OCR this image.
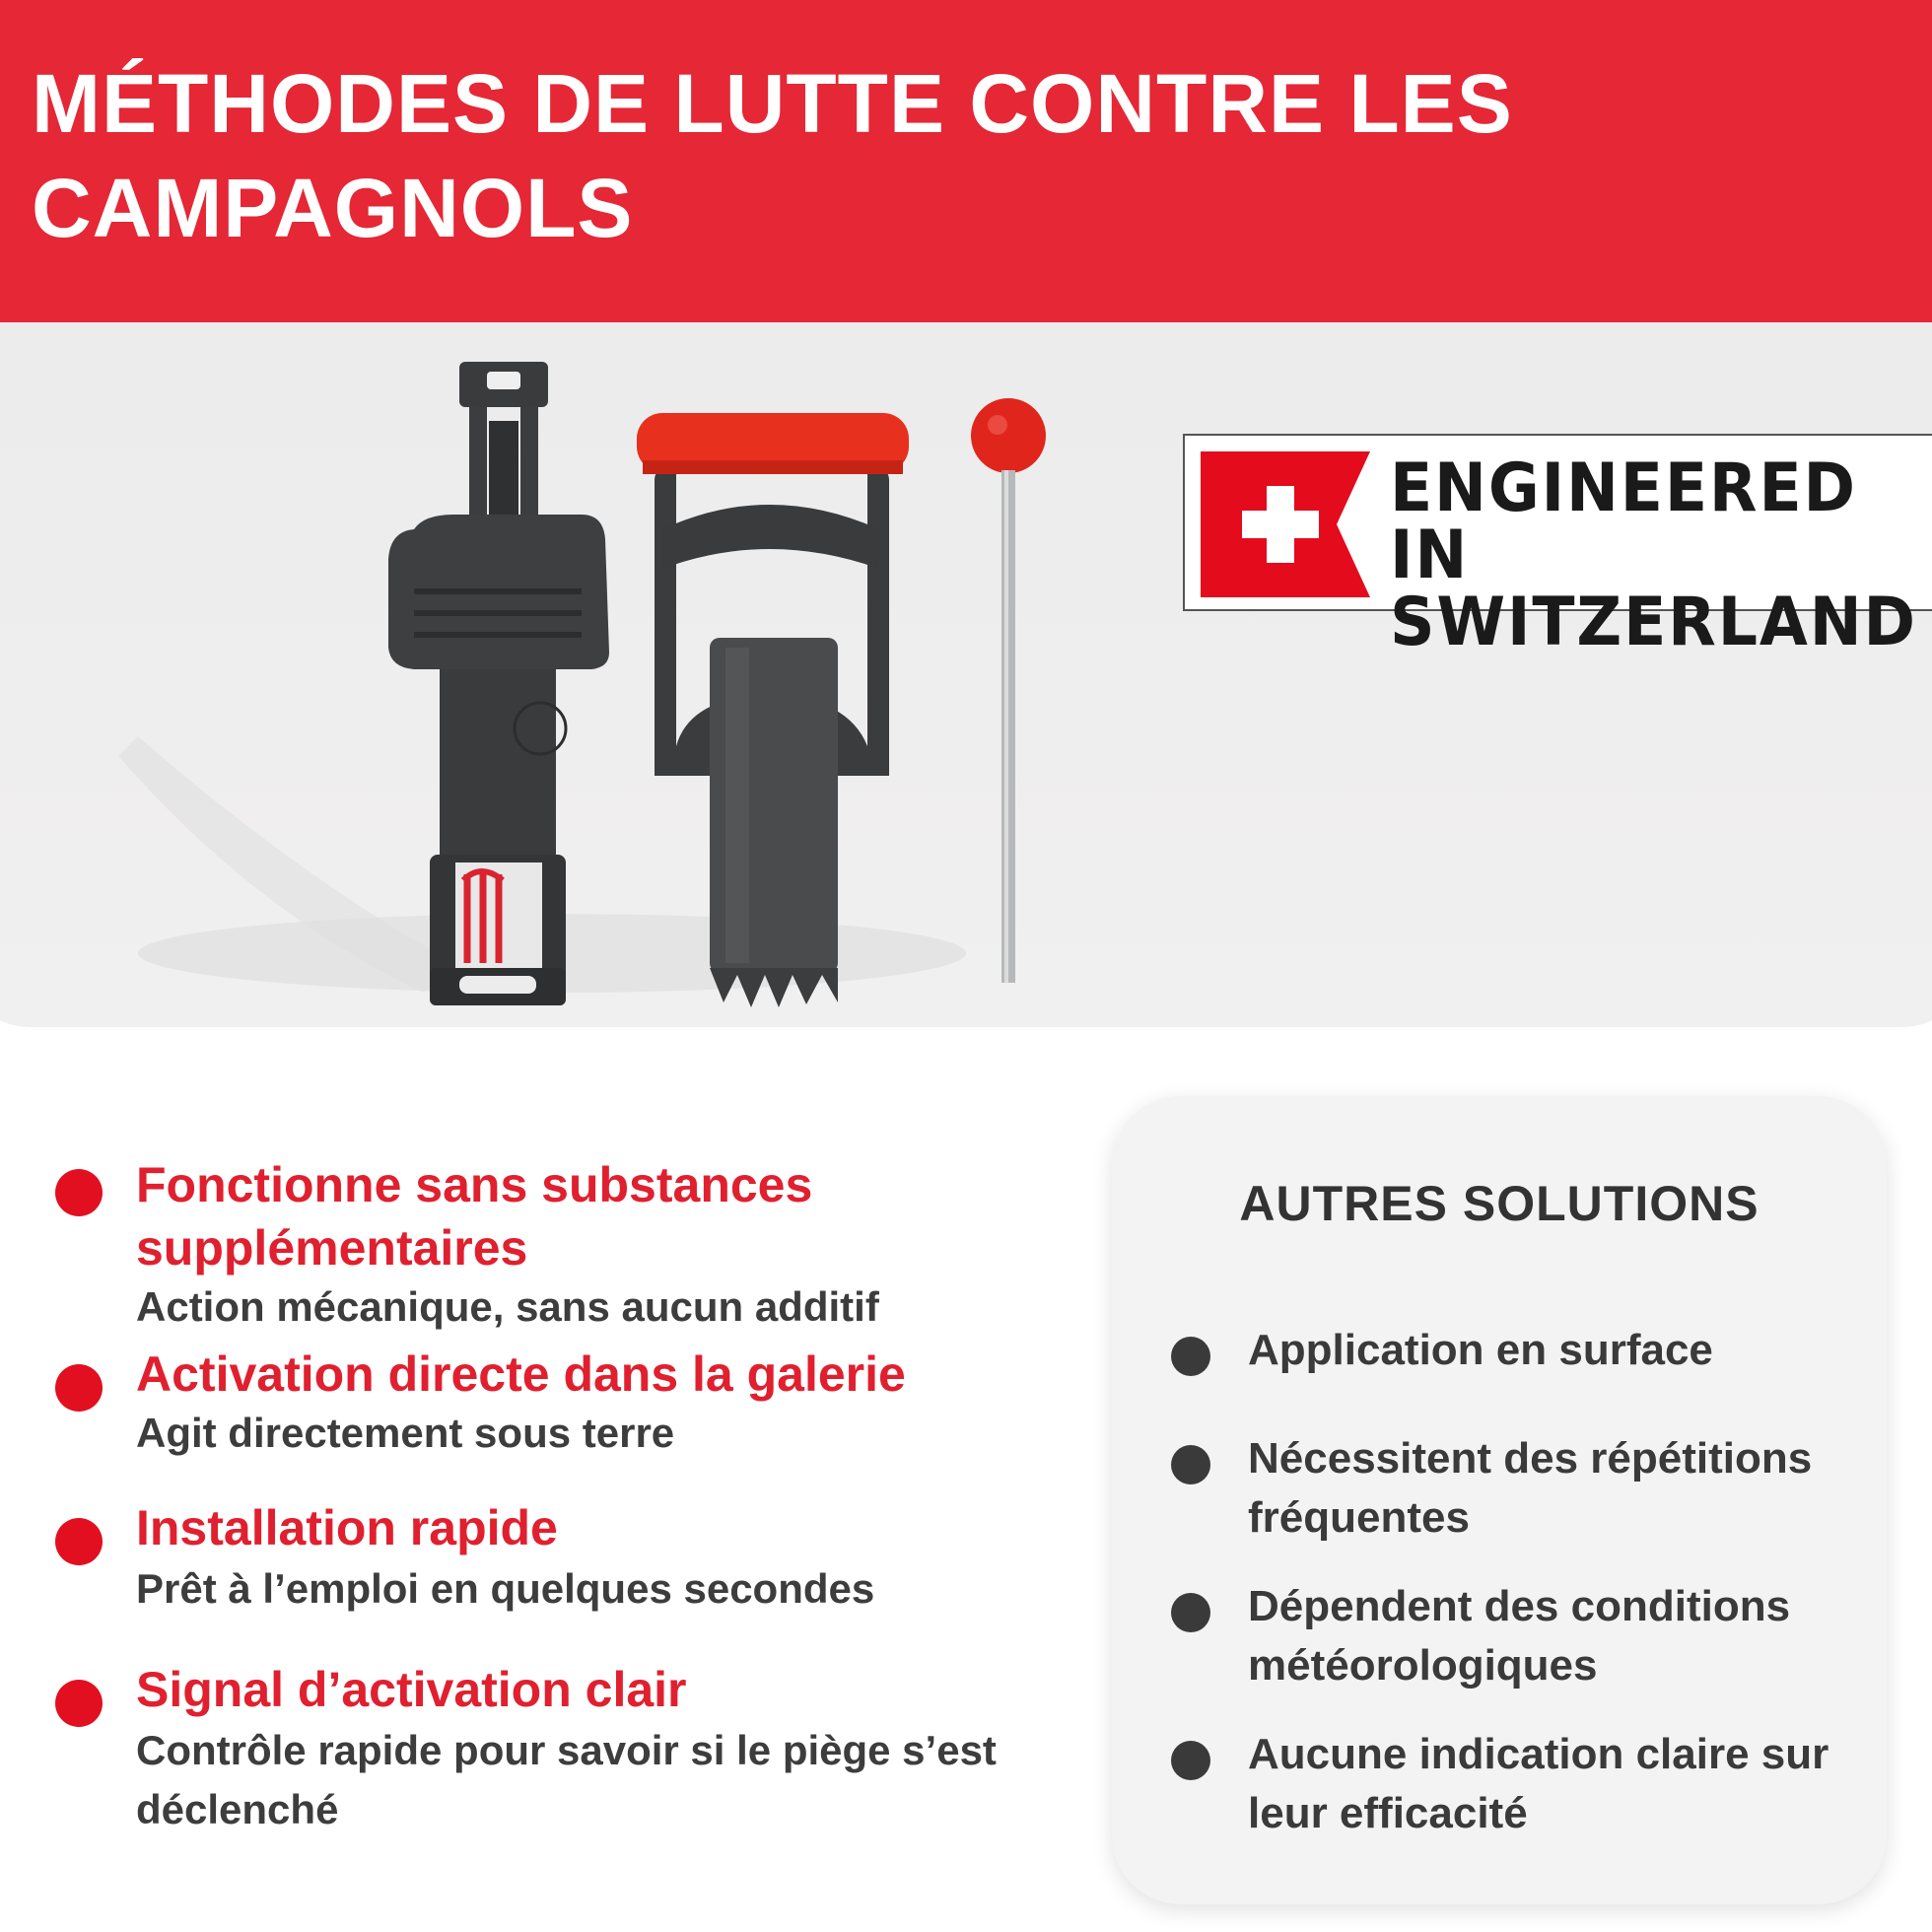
MÉTHODES DE LUTTE CONTRE LES CAMPAGNOLS
ENGINEERED IN
SWITZERLAND
Fonctionne sans substances supplémentaires
Action mécanique, sans aucun additif
Activation directe dans la galerie
Agit directement sous terre
Installation rapide
Prêt à l’emploi en quelques secondes
Signal d’activation clair
Contrôle rapide pour savoir si le piège s’est déclenché
AUTRES SOLUTIONS
Application en surface
Nécessitent des répétitions fréquentes
Dépendent des conditions météorologiques
Aucune indication claire sur leur efficacité
